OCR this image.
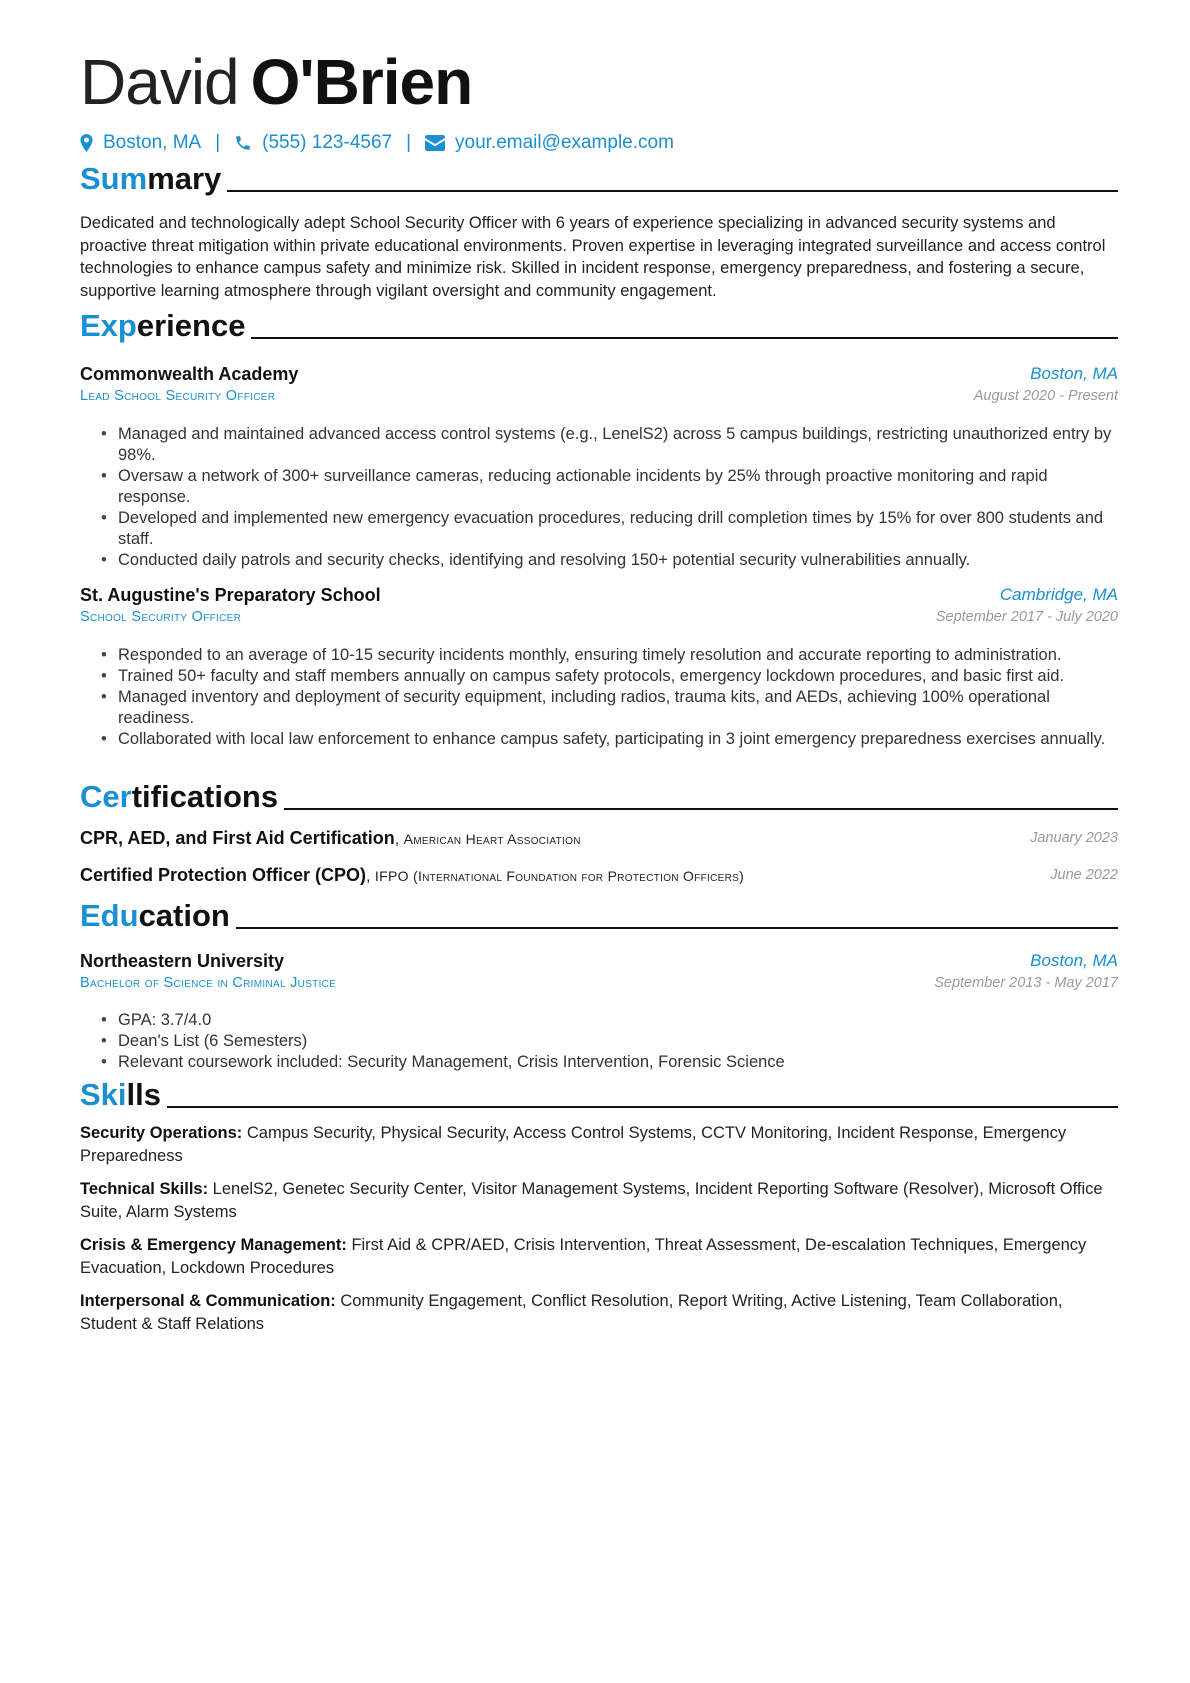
David O'Brien
Boston, MA | (555) 123-4567 | your.email@example.com
Summary
Dedicated and technologically adept School Security Officer with 6 years of experience specializing in advanced security systems and proactive threat mitigation within private educational environments. Proven expertise in leveraging integrated surveillance and access control technologies to enhance campus safety and minimize risk. Skilled in incident response, emergency preparedness, and fostering a secure, supportive learning atmosphere through vigilant oversight and community engagement.
Experience
Commonwealth Academy	Boston, MA
Lead School Security Officer	August 2020 - Present
• Managed and maintained advanced access control systems (e.g., LenelS2) across 5 campus buildings, restricting unauthorized entry by 98%.
• Oversaw a network of 300+ surveillance cameras, reducing actionable incidents by 25% through proactive monitoring and rapid response.
• Developed and implemented new emergency evacuation procedures, reducing drill completion times by 15% for over 800 students and staff.
• Conducted daily patrols and security checks, identifying and resolving 150+ potential security vulnerabilities annually.
St. Augustine's Preparatory School	Cambridge, MA
School Security Officer	September 2017 - July 2020
• Responded to an average of 10-15 security incidents monthly, ensuring timely resolution and accurate reporting to administration.
• Trained 50+ faculty and staff members annually on campus safety protocols, emergency lockdown procedures, and basic first aid.
• Managed inventory and deployment of security equipment, including radios, trauma kits, and AEDs, achieving 100% operational readiness.
• Collaborated with local law enforcement to enhance campus safety, participating in 3 joint emergency preparedness exercises annually.
Certifications
CPR, AED, and First Aid Certification, American Heart Association	January 2023
Certified Protection Officer (CPO), IFPO (International Foundation for Protection Officers)	June 2022
Education
Northeastern University	Boston, MA
Bachelor of Science in Criminal Justice	September 2013 - May 2017
• GPA: 3.7/4.0
• Dean's List (6 Semesters)
• Relevant coursework included: Security Management, Crisis Intervention, Forensic Science
Skills
Security Operations: Campus Security, Physical Security, Access Control Systems, CCTV Monitoring, Incident Response, Emergency Preparedness
Technical Skills: LenelS2, Genetec Security Center, Visitor Management Systems, Incident Reporting Software (Resolver), Microsoft Office Suite, Alarm Systems
Crisis & Emergency Management: First Aid & CPR/AED, Crisis Intervention, Threat Assessment, De-escalation Techniques, Emergency Evacuation, Lockdown Procedures
Interpersonal & Communication: Community Engagement, Conflict Resolution, Report Writing, Active Listening, Team Collaboration, Student & Staff Relations
